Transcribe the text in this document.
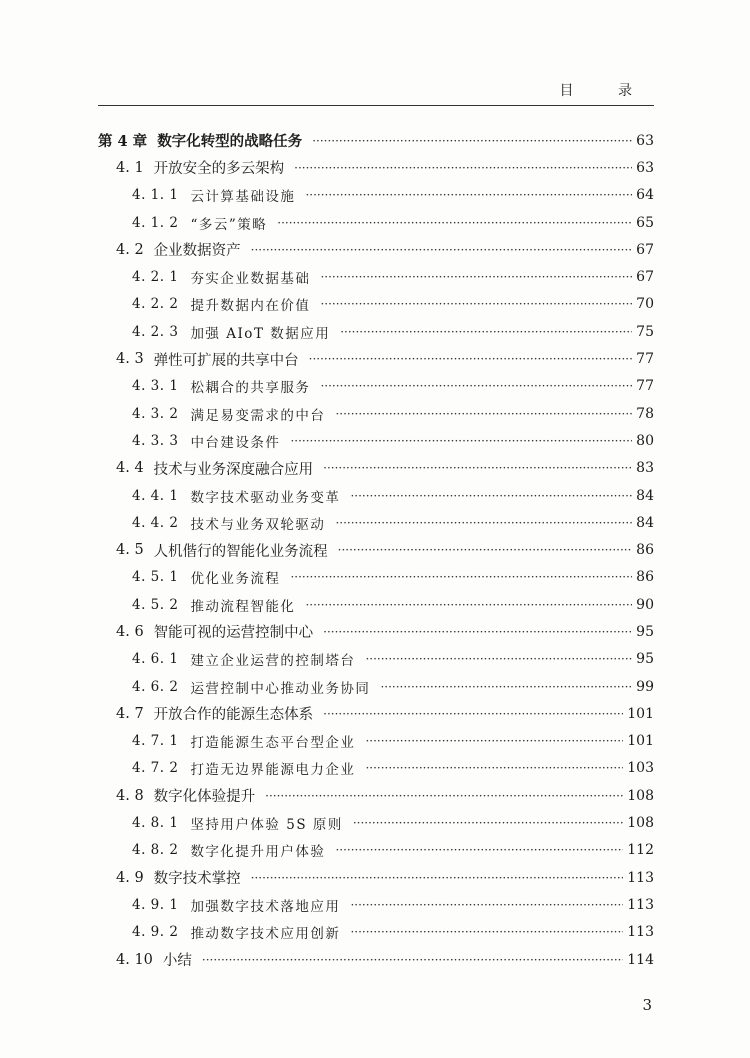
目 录
第 4 章 数字化转型的战略任务 ·····	63
4. 1 开放安全的多云架构 ·····	63
4. 1. 1 云计算基础设施 ·····	64
4. 1. 2 “多云”策略 ·····	65
4. 2 企业数据资产 ·····	67
4. 2. 1 夯实企业数据基础 ·····	67
4. 2. 2 提升数据内在价值 ·····	70
4. 2. 3 加强 AIoT 数据应用 ·····	75
4. 3 弹性可扩展的共享中台 ·····	77
4. 3. 1 松耦合的共享服务 ·····	77
4. 3. 2 满足易变需求的中台 ·····	78
4. 3. 3 中台建设条件 ·····	80
4. 4 技术与业务深度融合应用 ·····	83
4. 4. 1 数字技术驱动业务变革 ·····	84
4. 4. 2 技术与业务双轮驱动 ·····	84
4. 5 人机偕行的智能化业务流程 ·····	86
4. 5. 1 优化业务流程 ·····	86
4. 5. 2 推动流程智能化 ·····	90
4. 6 智能可视的运营控制中心 ·····	95
4. 6. 1 建立企业运营的控制塔台 ·····	95
4. 6. 2 运营控制中心推动业务协同 ·····	99
4. 7 开放合作的能源生态体系 ·····	101
4. 7. 1 打造能源生态平台型企业 ·····	101
4. 7. 2 打造无边界能源电力企业 ·····	103
4. 8 数字化体验提升 ·····	108
4. 8. 1 坚持用户体验 5S 原则 ·····	108
4. 8. 2 数字化提升用户体验 ·····	112
4. 9 数字技术掌控 ·····	113
4. 9. 1 加强数字技术落地应用 ·····	113
4. 9. 2 推动数字技术应用创新 ·····	113
4. 10 小结 ·····	114
3
